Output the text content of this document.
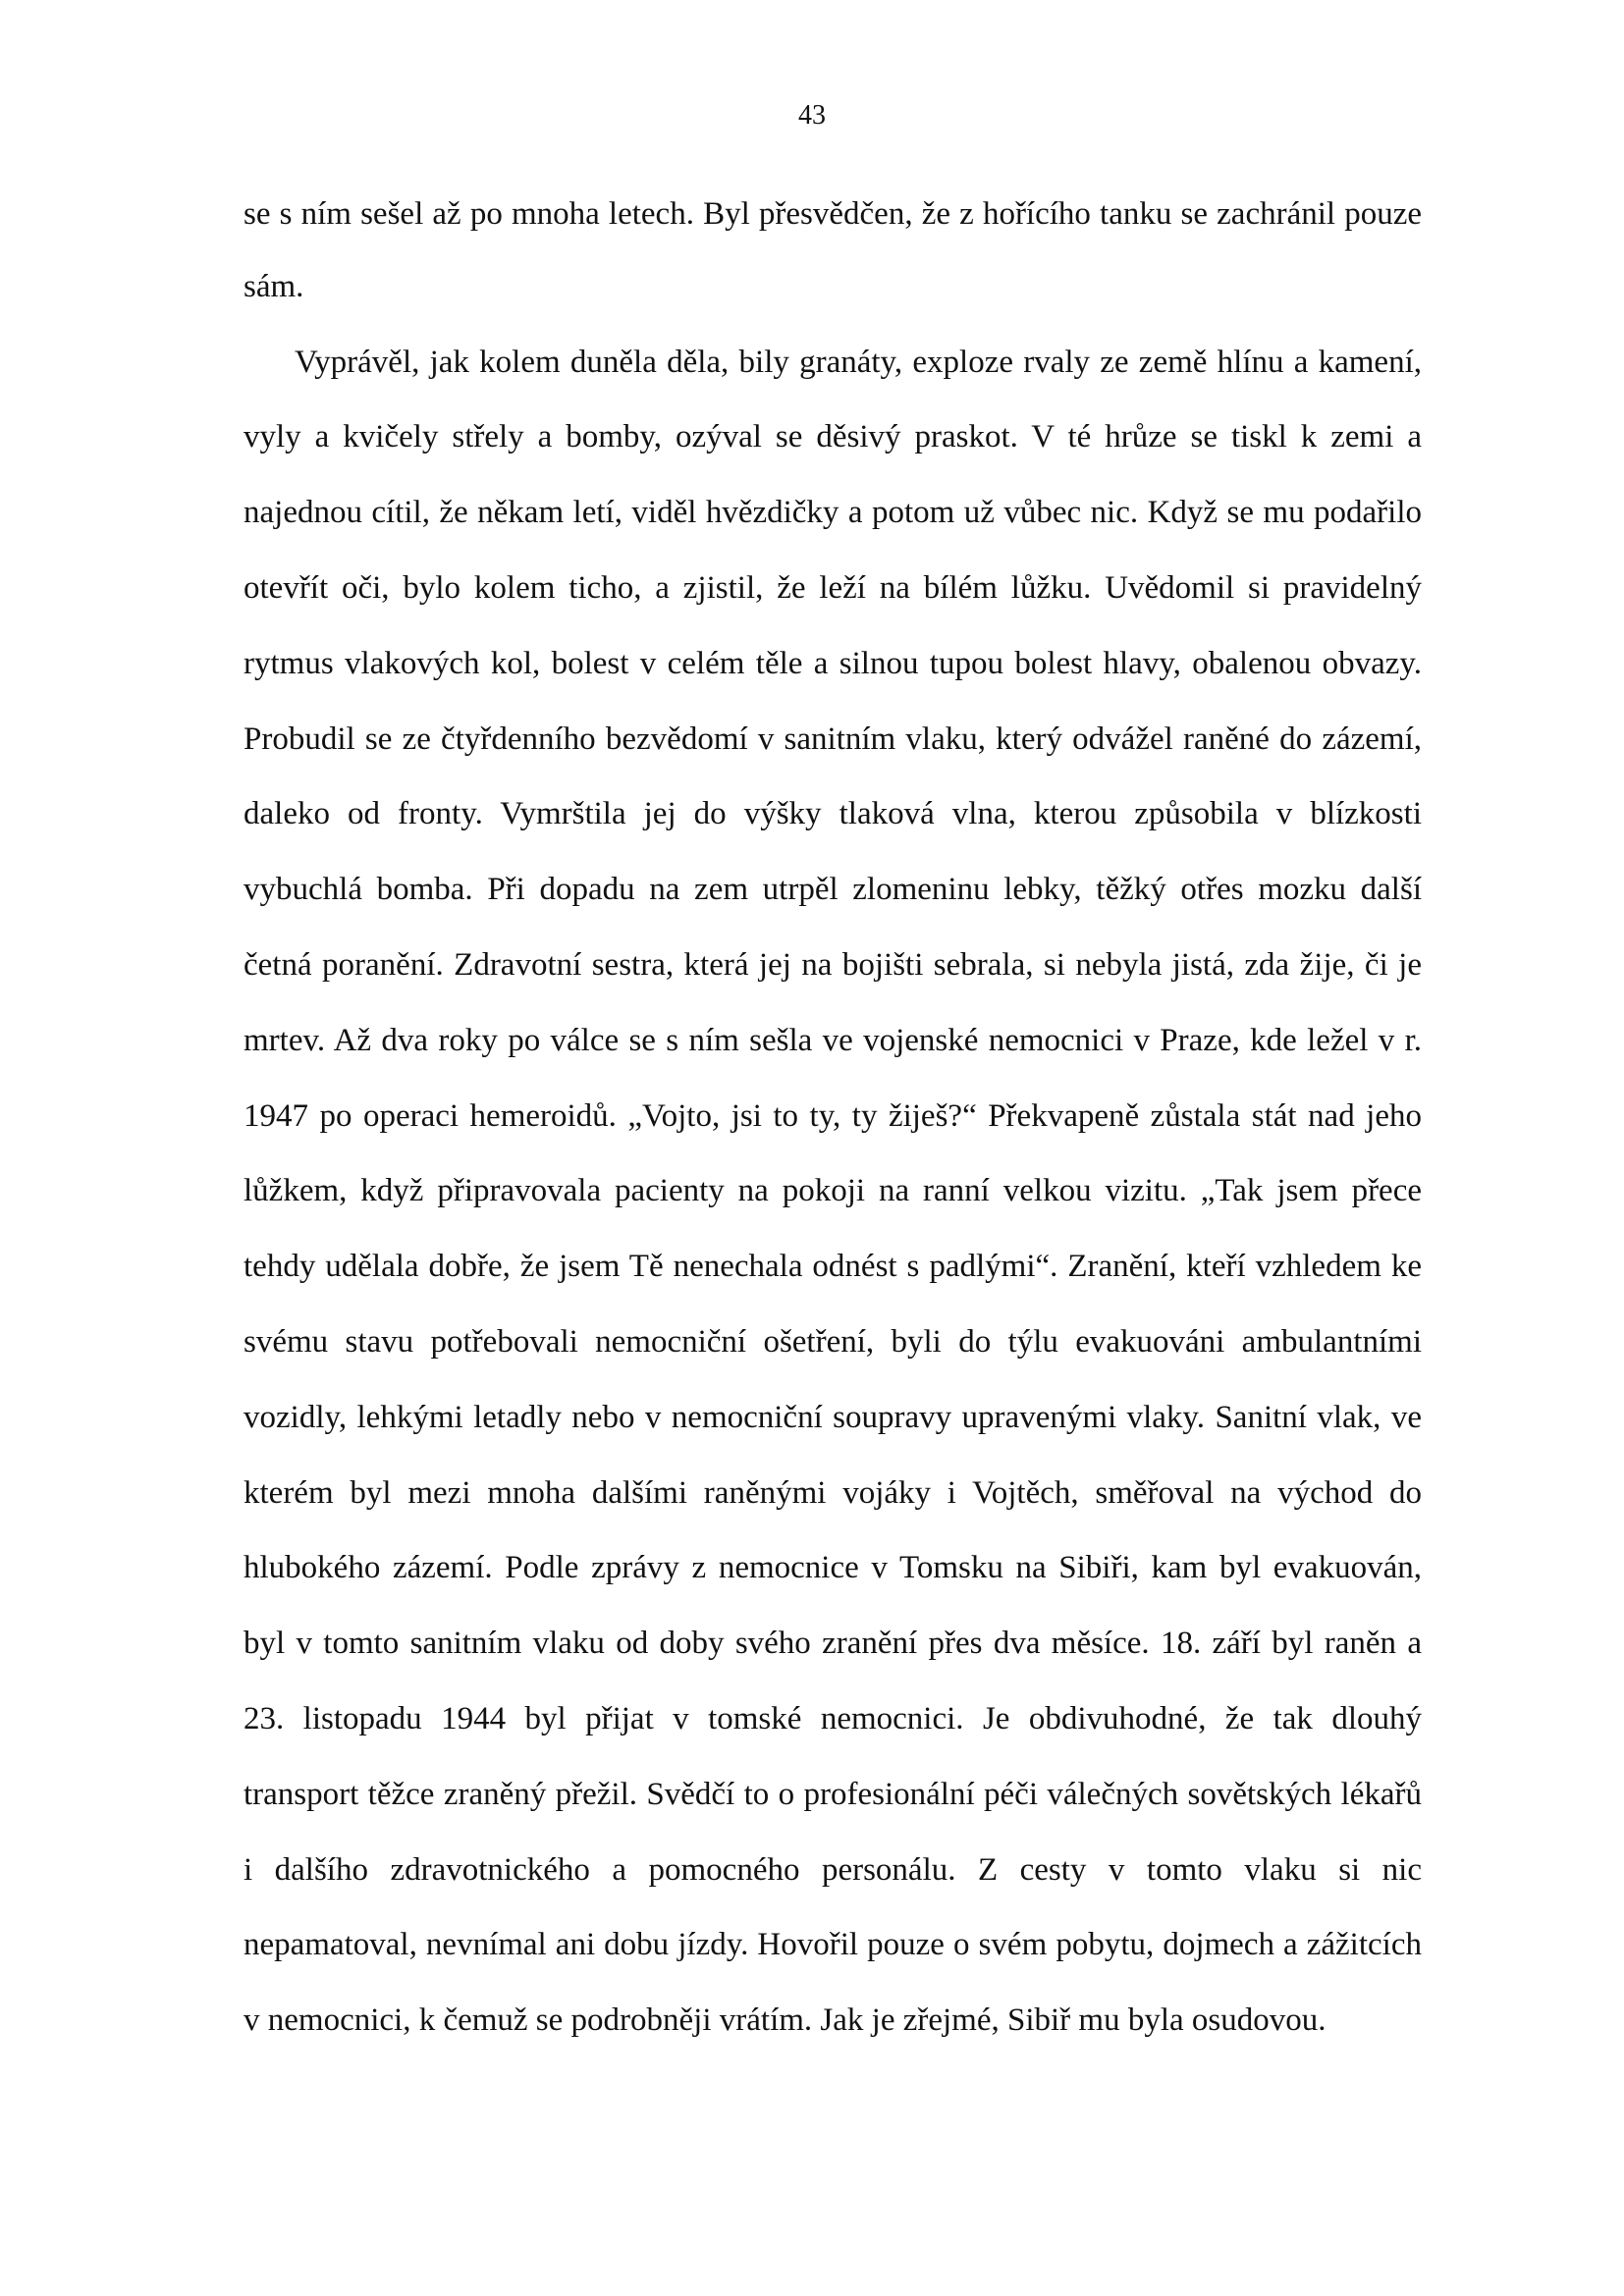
43
se s ním sešel až po mnoha letech. Byl přesvědčen, že z hořícího tanku se zachránil pouze
sám.
Vyprávěl, jak kolem duněla děla, bily granáty, exploze rvaly ze země hlínu a kamení,
vyly a kvičely střely a bomby, ozýval se děsivý praskot. V té hrůze se tiskl k zemi a
najednou cítil, že někam letí, viděl hvězdičky a potom už vůbec nic. Když se mu podařilo
otevřít oči, bylo kolem ticho, a zjistil, že leží na bílém lůžku. Uvědomil si pravidelný
rytmus vlakových kol, bolest v celém těle a silnou tupou bolest hlavy, obalenou obvazy.
Probudil se ze čtyřdenního bezvědomí v sanitním vlaku, který odvážel raněné do zázemí,
daleko od fronty. Vymrštila jej do výšky tlaková vlna, kterou způsobila v blízkosti
vybuchlá bomba. Při dopadu na zem utrpěl zlomeninu lebky, těžký otřes mozku další
četná poranění. Zdravotní sestra, která jej na bojišti sebrala, si nebyla jistá, zda žije, či je
mrtev. Až dva roky po válce se s ním sešla ve vojenské nemocnici v Praze, kde ležel v r.
1947 po operaci hemeroidů. „Vojto, jsi to ty, ty žiješ?“ Překvapeně zůstala stát nad jeho
lůžkem, když připravovala pacienty na pokoji na ranní velkou vizitu. „Tak jsem přece
tehdy udělala dobře, že jsem Tě nenechala odnést s padlými“. Zranění, kteří vzhledem ke
svému stavu potřebovali nemocniční ošetření, byli do týlu evakuováni ambulantními
vozidly, lehkými letadly nebo v nemocniční soupravy upravenými vlaky. Sanitní vlak, ve
kterém byl mezi mnoha dalšími raněnými vojáky i Vojtěch, směřoval na východ do
hlubokého zázemí. Podle zprávy z nemocnice v Tomsku na Sibiři, kam byl evakuován,
byl v tomto sanitním vlaku od doby svého zranění přes dva měsíce. 18. září byl raněn a
23. listopadu 1944 byl přijat v tomské nemocnici. Je obdivuhodné, že tak dlouhý
transport těžce zraněný přežil. Svědčí to o profesionální péči válečných sovětských lékařů
i dalšího zdravotnického a pomocného personálu. Z cesty v tomto vlaku si nic
nepamatoval, nevnímal ani dobu jízdy. Hovořil pouze o svém pobytu, dojmech a zážitcích
v nemocnici, k čemuž se podrobněji vrátím. Jak je zřejmé, Sibiř mu byla osudovou.
